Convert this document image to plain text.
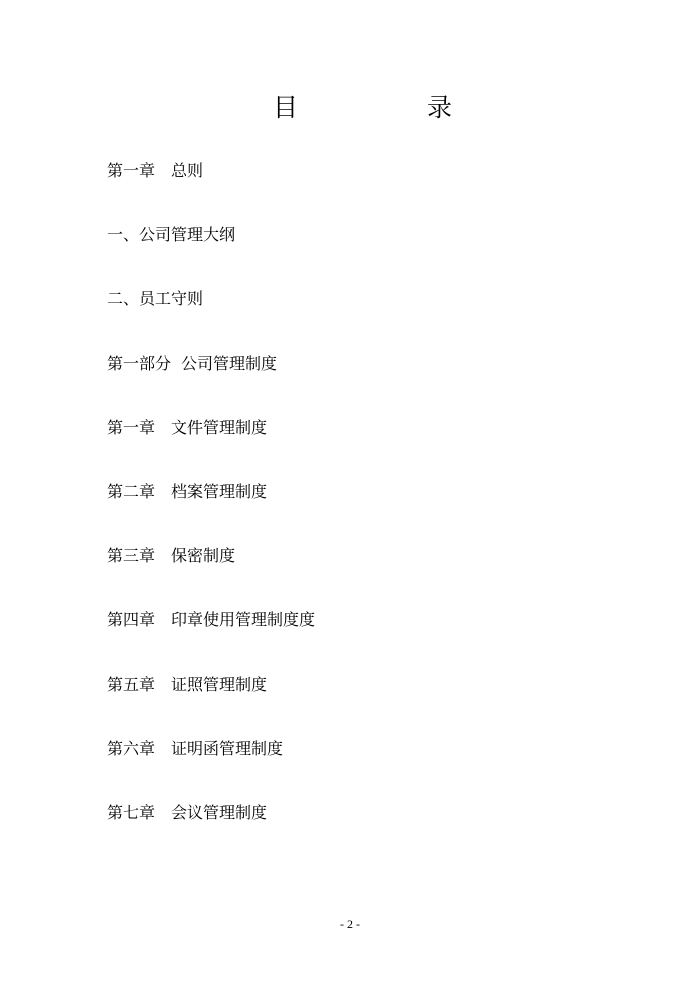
目	录
第一章 总则
一、公司管理大纲
二、员工守则
第一部分 公司管理制度
第一章 文件管理制度
第二章 档案管理制度
第三章 保密制度
第四章 印章使用管理制度度
第五章 证照管理制度
第六章 证明函管理制度
第七章 会议管理制度
- 2 -
